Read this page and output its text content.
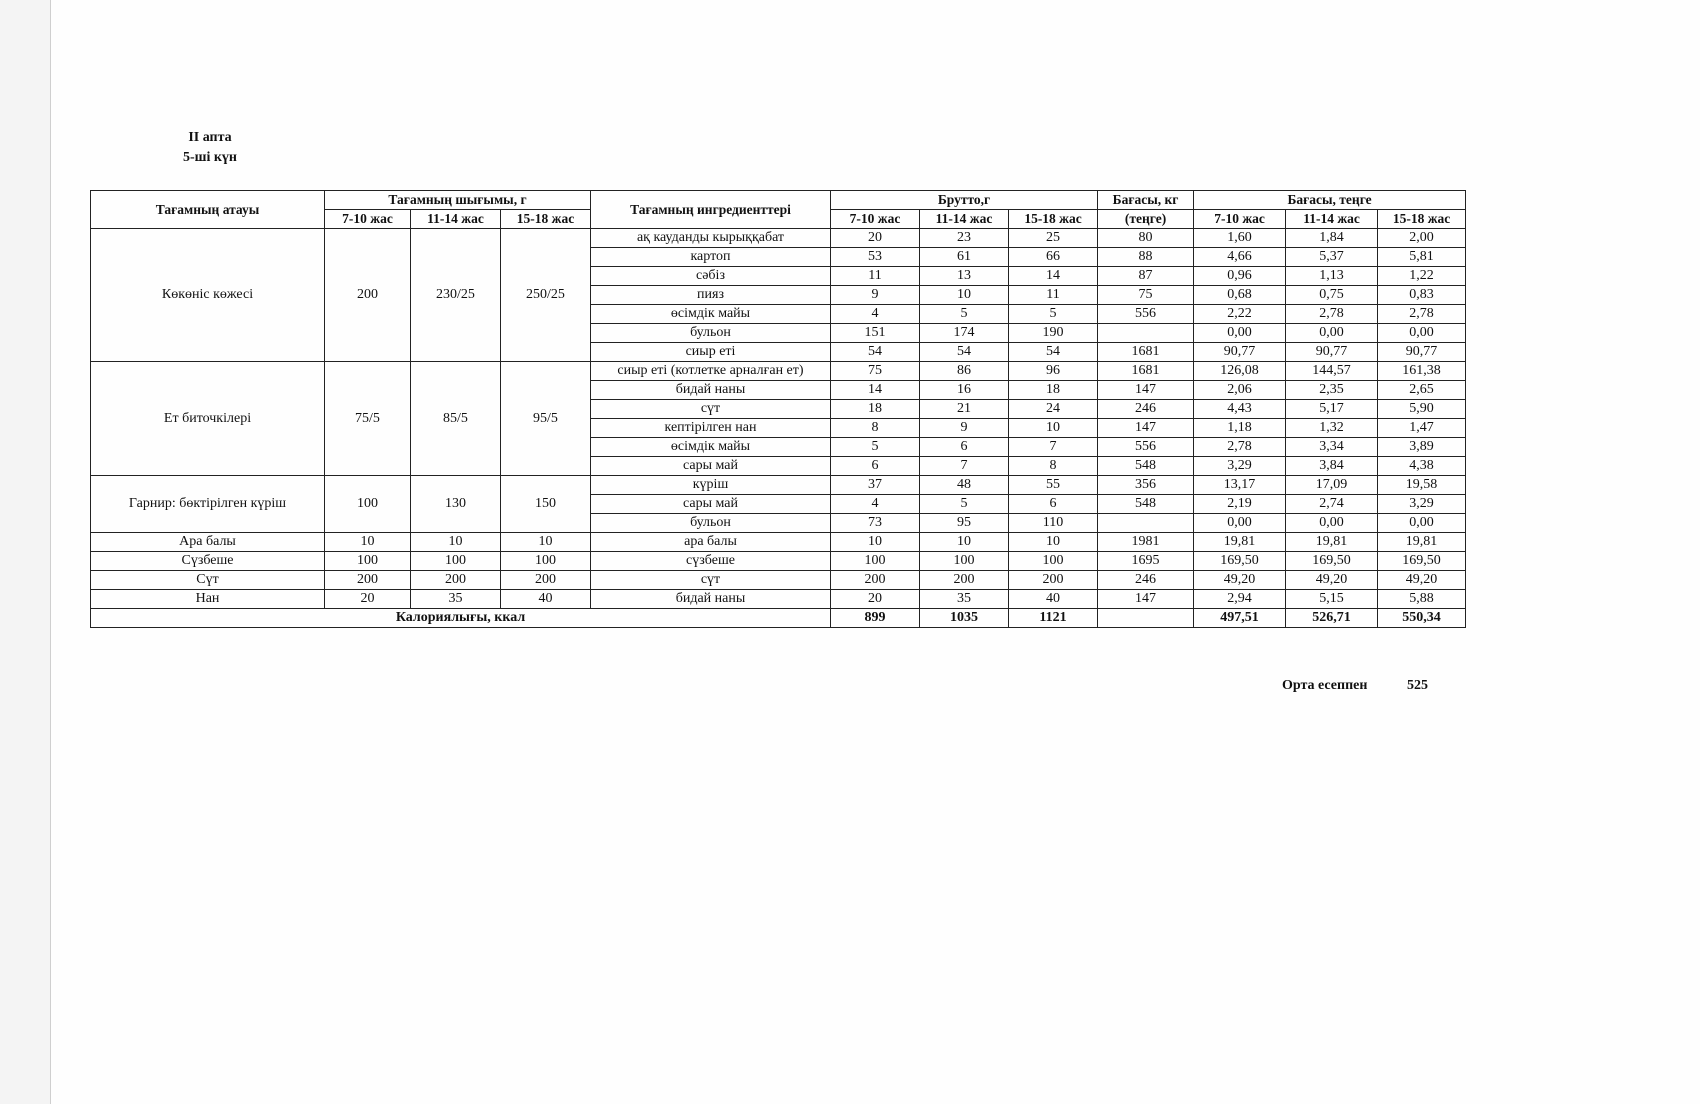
II апта
5-ші күн
Тағамның атауы	Тағамның шығымы, г			Тағамның ингредиенттері	Брутто,г			Бағасы, кг	Бағасы, теңге		
	7-10 жас	11-14 жас	15-18 жас		7-10 жас	11-14 жас	15-18 жас	(теңге)	7-10 жас	11-14 жас	15-18 жас
Көкөніс көжесі	200	230/25	250/25	ақ кауданды кырыққабат	20	23	25	80	1,60	1,84	2,00
				картоп	53	61	66	88	4,66	5,37	5,81
				сәбіз	11	13	14	87	0,96	1,13	1,22
				пияз	9	10	11	75	0,68	0,75	0,83
				өсімдік майы	4	5	5	556	2,22	2,78	2,78
				бульон	151	174	190		0,00	0,00	0,00
				сиыр еті	54	54	54	1681	90,77	90,77	90,77
Ет биточкілері	75/5	85/5	95/5	сиыр еті (котлетке арналған ет)	75	86	96	1681	126,08	144,57	161,38
				бидай наны	14	16	18	147	2,06	2,35	2,65
				сүт	18	21	24	246	4,43	5,17	5,90
				кептірілген нан	8	9	10	147	1,18	1,32	1,47
				өсімдік майы	5	6	7	556	2,78	3,34	3,89
				сары май	6	7	8	548	3,29	3,84	4,38
Гарнир: бөктірілген күріш	100	130	150	күріш	37	48	55	356	13,17	17,09	19,58
				сары май	4	5	6	548	2,19	2,74	3,29
				бульон	73	95	110		0,00	0,00	0,00
Ара балы	10	10	10	ара балы	10	10	10	1981	19,81	19,81	19,81
Сүзбеше	100	100	100	сүзбеше	100	100	100	1695	169,50	169,50	169,50
Сүт	200	200	200	сүт	200	200	200	246	49,20	49,20	49,20
Нан	20	35	40	бидай наны	20	35	40	147	2,94	5,15	5,88
Калориялығы, ккал					899	1035	1121		497,51	526,71	550,34
Орта есеппен	525
